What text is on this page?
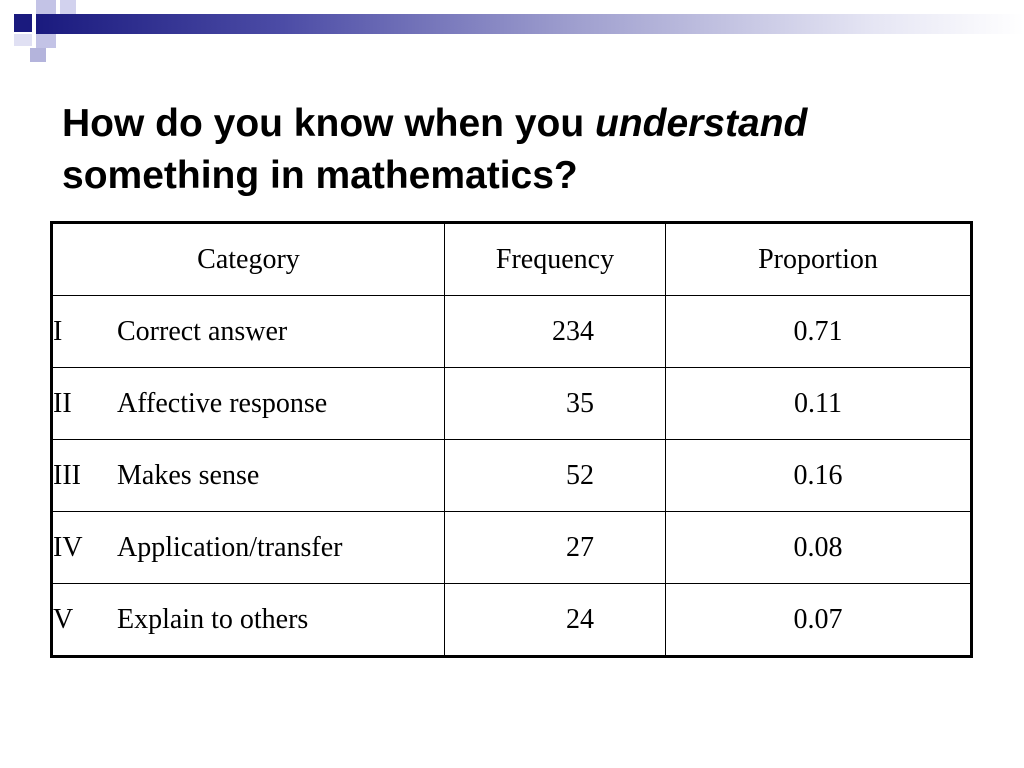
How do you know when you understand
something in mathematics?
Category	Frequency	Proportion
I Correct answer	234	0.71
II Affective response	35	0.11
III Makes sense	52	0.16
IV Application/transfer	27	0.08
V Explain to others	24	0.07
